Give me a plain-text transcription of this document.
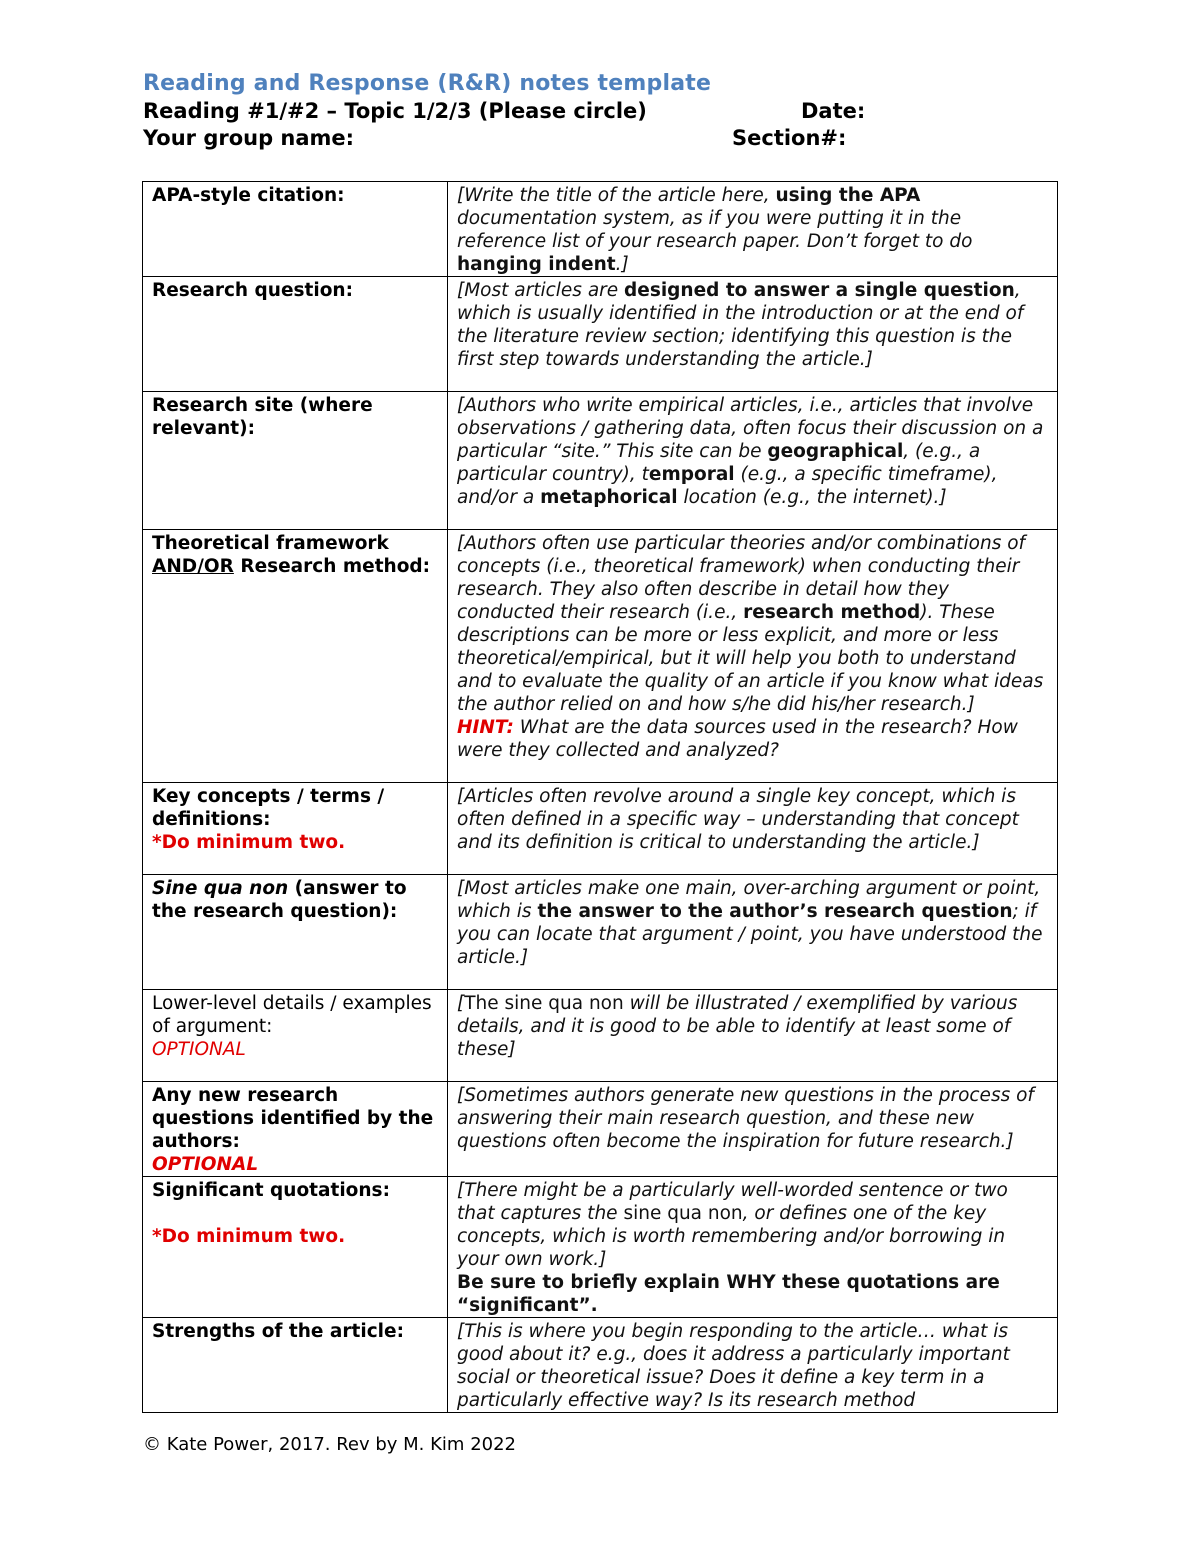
Reading and Response (R&R) notes template
Reading #1/#2 – Topic 1/2/3 (Please circle)	Date:
Your group name:	Section#:
APA-style citation:	[Write the title of the article here, using the APA documentation system, as if you were putting it in the reference list of your research paper. Don’t forget to do hanging indent.]
Research question:	[Most articles are designed to answer a single question, which is usually identified in the introduction or at the end of the literature review section; identifying this question is the first step towards understanding the article.]
Research site (where relevant):	[Authors who write empirical articles, i.e., articles that involve observations / gathering data, often focus their discussion on a particular “site.” This site can be geographical, (e.g., a particular country), temporal (e.g., a specific timeframe), and/or a metaphorical location (e.g., the internet).]
Theoretical framework
AND/OR Research method:	[Authors often use particular theories and/or combinations of concepts (i.e., theoretical framework) when conducting their research. They also often describe in detail how they conducted their research (i.e., research method). These descriptions can be more or less explicit, and more or less theoretical/empirical, but it will help you both to understand and to evaluate the quality of an article if you know what ideas the author relied on and how s/he did his/her research.]
HINT: What are the data sources used in the research? How were they collected and analyzed?
Key concepts / terms / definitions:
*Do minimum two.	[Articles often revolve around a single key concept, which is often defined in a specific way – understanding that concept and its definition is critical to understanding the article.]
Sine qua non (answer to the research question):	[Most articles make one main, over-arching argument or point, which is the answer to the author’s research question; if you can locate that argument / point, you have understood the article.]
Lower-level details / examples of argument:
OPTIONAL	[The sine qua non will be illustrated / exemplified by various details, and it is good to be able to identify at least some of these]
Any new research questions identified by the authors:
OPTIONAL	[Sometimes authors generate new questions in the process of answering their main research question, and these new questions often become the inspiration for future research.]
Significant quotations:

*Do minimum two.	[There might be a particularly well-worded sentence or two that captures the sine qua non, or defines one of the key concepts, which is worth remembering and/or borrowing in your own work.]
Be sure to briefly explain WHY these quotations are “significant”.
Strengths of the article:	[This is where you begin responding to the article… what is good about it? e.g., does it address a particularly important social or theoretical issue? Does it define a key term in a particularly effective way? Is its research method
© Kate Power, 2017. Rev by M. Kim 2022
